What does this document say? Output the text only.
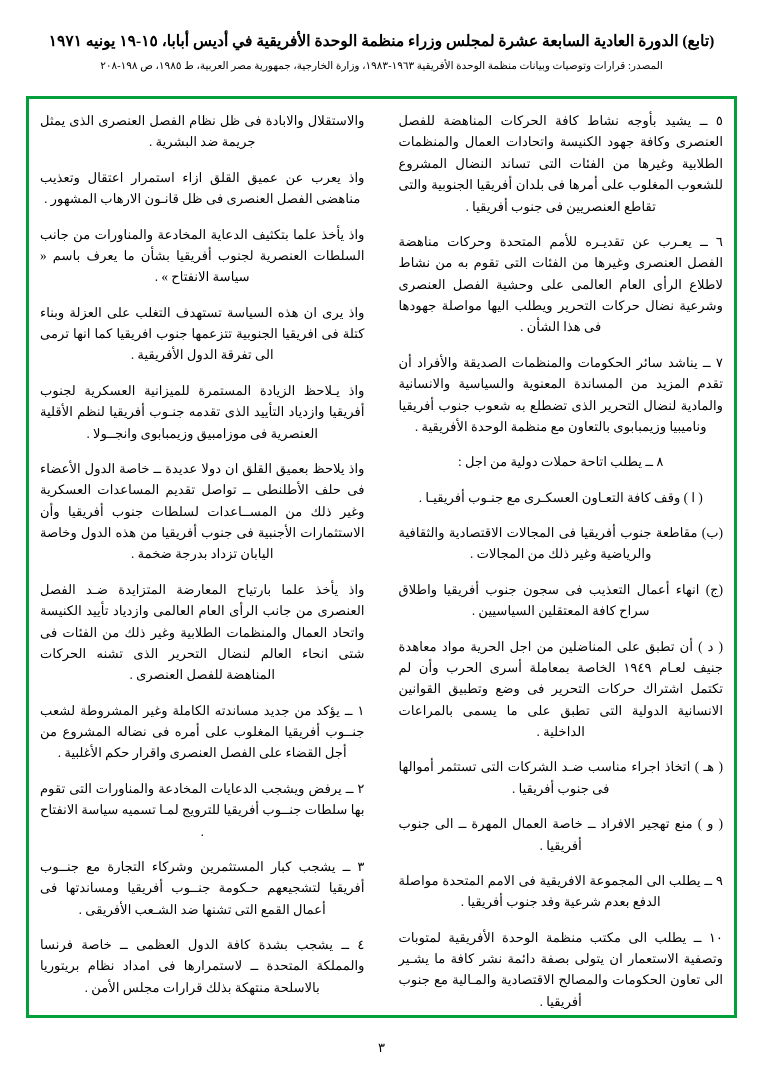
(تابع) الدورة العادية السابعة عشرة لمجلس وزراء منظمة الوحدة الأفريقية في أديس أبابا، ١٥-١٩ يونيه ١٩٧١
المصدر: قرارات وتوصيات وبيانات منظمة الوحدة الأفريقية ١٩٦٣-١٩٨٣، وزارة الخارجية، جمهورية مصر العربية، ط ١٩٨٥، ص ١٩٨-٢٠٨

٥ ــ يشيد بأوجه نشاط كافة الحركات المناهضة للفصل العنصرى وكافة جهود الكنيسة واتحادات العمال والمنظمات الطلابية وغيرها من الفئات التى تساند النضال المشروع للشعوب المغلوب على أمرها فى بلدان أفريقيا الجنوبية والتى تقاطع العنصريين فى جنوب أفريقيا .

٦ ــ يعـرب عن تقديـره للأمم المتحدة وحركات مناهضة الفصل العنصرى وغيرها من الفئات التى تقوم به من نشاط لاطلاع الرأى العام العالمى على وحشية الفصل العنصرى وشرعية نضال حركات التحرير ويطلب اليها مواصلة جهودها فى هذا الشأن .

٧ ــ يناشد سائر الحكومات والمنظمات الصديقة والأفراد أن تقدم المزيد من المساندة المعنوية والسياسية والانسانية والمادية لنضال التحرير الذى تضطلع به شعوب جنوب أفريقيا وناميبيا وزيمبابوى بالتعاون مع منظمة الوحدة الأفريقية .

٨ ــ يطلب اتاحة حملات دولية من اجل :

( ا ) وقف كافة التعـاون العسكـرى مع جنـوب أفريقيـا .

(ب) مقاطعة جنوب أفريقيا فى المجالات الاقتصادية والثقافية والرياضية وغير ذلك من المجالات .

(ج) انهاء أعمال التعذيب فى سجون جنوب أفريقيا واطلاق سراح كافة المعتقلين السياسيين .

( د ) أن تطبق على المناضلين من اجل الحرية مواد معاهدة جنيف لعـام ١٩٤٩ الخاصة بمعاملة أسرى الحرب وأن لم تكتمل اشتراك حركات التحرير فى وضع وتطبيق القوانين الانسانية الدولية التى تطبق على ما يسمى بالمراعات الداخلية .

( هـ ) اتخاذ اجراء مناسب ضـد الشركات التى تستثمر أموالها فى جنوب أفريقيا .

( و ) منع تهجير الافراد ــ خاصة العمال المهرة ــ الى جنوب أفريقيا .

٩ ــ يطلب الى المجموعة الافريقية فى الامم المتحدة مواصلة الدفع بعدم شرعية وفد جنوب أفريقيا .

١٠ ــ يطلب الى مكتب منظمة الوحدة الأفريقية لمتوبات وتصفية الاستعمار ان يتولى بصفة دائمة نشر كافة ما يشـير الى تعاون الحكومات والمصالح الاقتصادية والمـالية مع جنوب أفريقيا .

والاستقلال والابادة فى ظل نظام الفصل العنصرى الذى يمثل جريمة ضد البشرية .

واذ يعرب عن عميق القلق ازاء استمرار اعتقال وتعذيب مناهضى الفصل العنصرى فى ظل قانـون الارهاب المشهور .

واذ يأخذ علما بتكثيف الدعاية المخادعة والمناورات من جانب السلطات العنصرية لجنوب أفريقيا بشأن ما يعرف باسم « سياسة الانفتاح » .

واذ يرى ان هذه السياسة تستهدف التغلب على العزلة وبناء كتلة فى افريقيا الجنوبية تتزعمها جنوب افريقيا كما انها ترمى الى تفرقة الدول الأفريقية .

واذ يـلاحظ الزيادة المستمرة للميزانية العسكرية لجنوب أفريقيا وازدياد التأييد الذى تقدمه جنـوب أفريقيا لنظم الأقلية العنصرية فى موزامبيق وزيمبابوى وانجــولا .

واذ يلاحظ بعميق القلق ان دولا عديدة ــ خاصة الدول الأعضاء فى حلف الأطلنطى ــ تواصل تقديم المساعدات العسكرية وغير ذلك من المســاعدات لسلطات جنوب أفريقيا وأن الاستثمارات الأجنبية فى جنوب أفريقيا من هذه الدول وخاصة اليابان تزداد بدرجة ضخمة .

واذ يأخذ علما بارتياح المعارضة المتزايدة ضـد الفصل العنصرى من جانب الرأى العام العالمى وازدياد تأييد الكنيسة واتحاد العمال والمنظمات الطلابية وغير ذلك من الفئات فى شتى انحاء العالم لنضال التحرير الذى تشنه الحركات المناهضة للفصل العنصرى .

١ ــ يؤكد من جديد مساندته الكاملة وغير المشروطة لشعب جنــوب أفريقيا المغلوب على أمره فى نضاله المشروع من أجل القضاء على الفصل العنصرى واقرار حكم الأغلبية .

٢ ــ يرفض ويشجب الدعايات المخادعة والمناورات التى تقوم بها سلطات جنــوب أفريقيا للترويج لمـا تسميه سياسة الانفتاح .

٣ ــ يشجب كبار المستثمرين وشركاء التجارة مع جنــوب أفريقيا لتشجيعهم حـكومة جنــوب أفريقيا ومساندتها فى أعمال القمع التى تشنها ضد الشـعب الأفريقى .

٤ ــ يشجب بشدة كافة الدول العظمى ــ خاصة فرنسا والمملكة المتحدة ــ لاستمرارها فى امداد نظام بريتوريا بالاسلحة منتهكة بذلك قرارات مجلس الأمن .

٣
